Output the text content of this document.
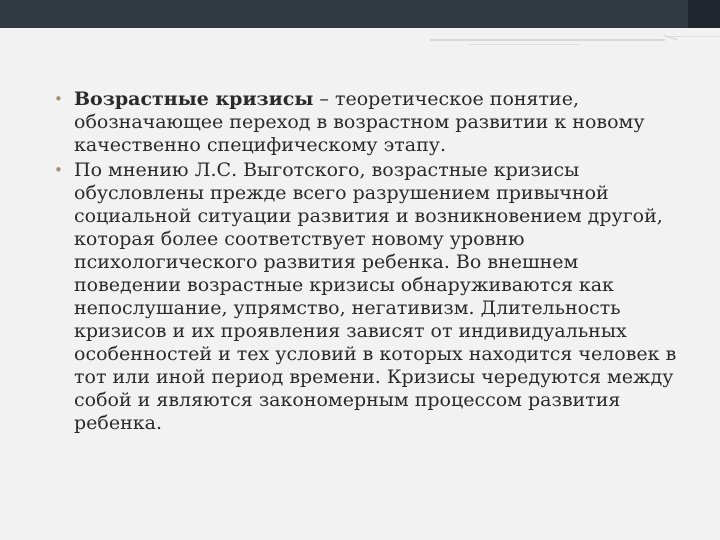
• Возрастные кризисы – теоретическое понятие, обозначающее переход в возрастном развитии к новому качественно специфическому этапу.
• По мнению Л.С. Выготского, возрастные кризисы обусловлены прежде всего разрушением привычной социальной ситуации развития и возникновением другой, которая более соответствует новому уровню психологического развития ребенка. Во внешнем поведении возрастные кризисы обнаруживаются как непослушание, упрямство, негативизм. Длительность кризисов и их проявления зависят от индивидуальных особенностей и тех условий в которых находится человек в тот или иной период времени. Кризисы чередуются между собой и являются закономерным процессом развития ребенка.
